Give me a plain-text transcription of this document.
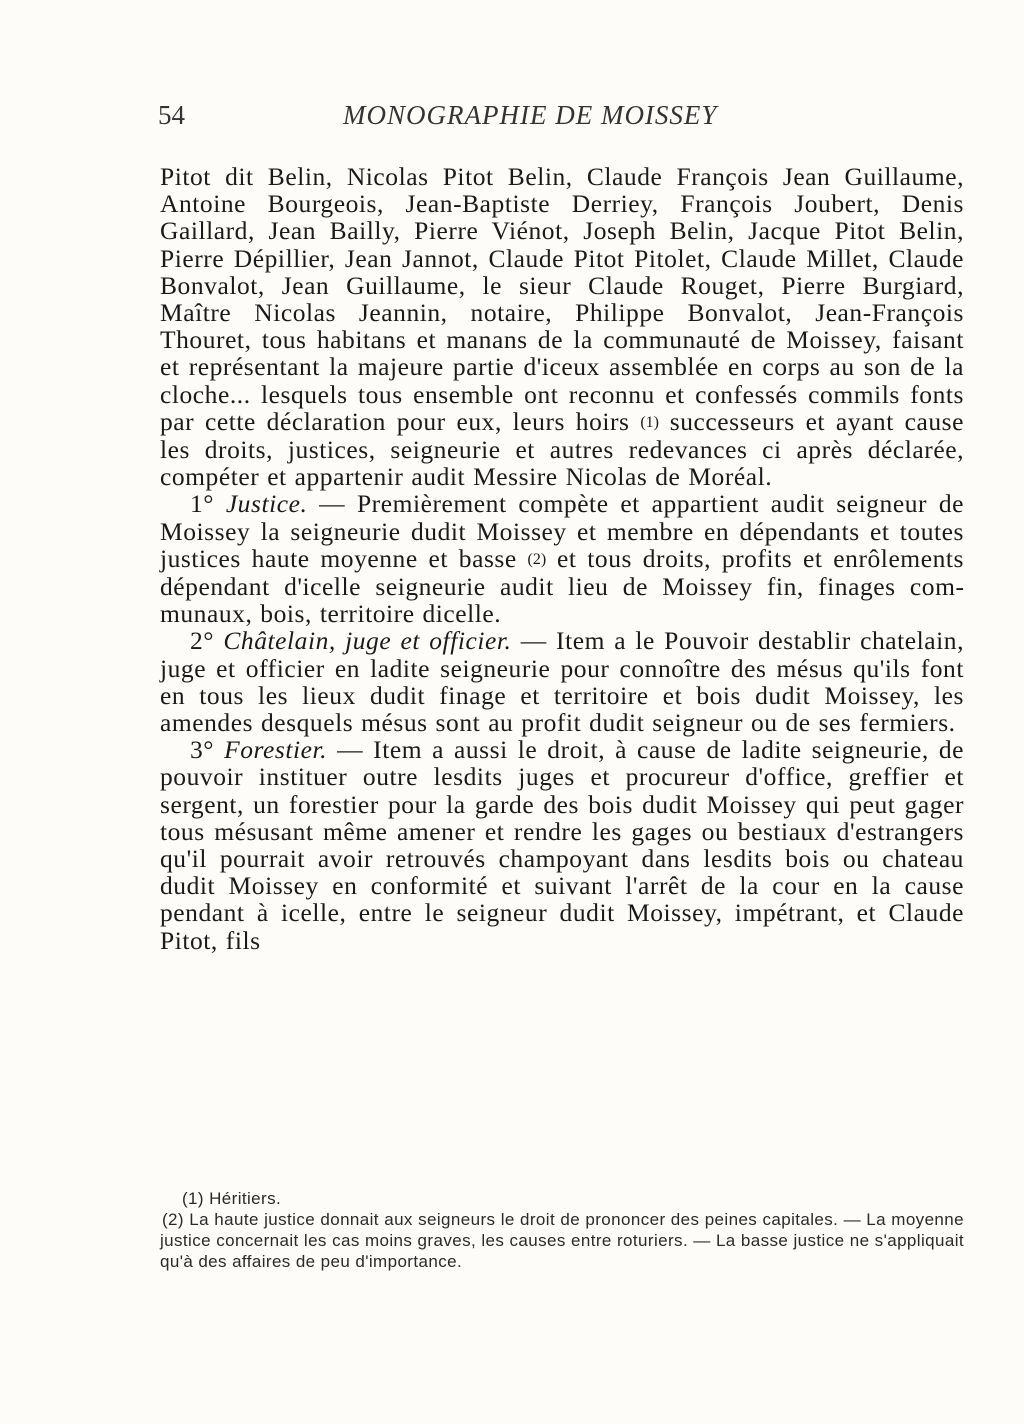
54	MONOGRAPHIE DE MOISSEY

Pitot dit Belin, Nicolas Pitot Belin, Claude François Jean Guillaume, Antoine Bourgeois, Jean-Baptiste Derriey, François Joubert, Denis Gaillard, Jean Bailly, Pierre Viénot, Joseph Belin, Jacque Pitot Belin, Pierre Dépillier, Jean Jannot, Claude Pitot Pitolet, Claude Millet, Claude Bonvalot, Jean Guillaume, le sieur Claude Rouget, Pierre Burgiard, Maître Nicolas Jeannin, notaire, Philippe Bonvalot, Jean-François Thouret, tous habitans et manans de la communauté de Moissey, faisant et représentant la majeure partie d'iceux assemblée en corps au son de la cloche... lesquels tous ensemble ont reconnu et confessés commils fonts par cette déclaration pour eux, leurs hoirs (1) successeurs et ayant cause les droits, justices, seigneurie et autres redevances ci après déclarée, compéter et appartenir audit Messire Nicolas de Moréal.

1° Justice. — Premièrement compète et appartient audit seigneur de Moissey la seigneurie dudit Moissey et membre en dépendants et toutes justices haute moyenne et basse (2) et tous droits, profits et enrôlements dépendant d'icelle seigneurie audit lieu de Moissey fin, finages communaux, bois, territoire dicelle.

2° Châtelain, juge et officier. — Item a le Pouvoir destablir chatelain, juge et officier en ladite seigneurie pour connoître des mésus qu'ils font en tous les lieux dudit finage et territoire et bois dudit Moissey, les amendes desquels mésus sont au profit dudit seigneur ou de ses fermiers.

3° Forestier. — Item a aussi le droit, à cause de ladite seigneurie, de pouvoir instituer outre lesdits juges et procureur d'office, greffier et sergent, un forestier pour la garde des bois dudit Moissey qui peut gager tous mésusant même amener et rendre les gages ou bestiaux d'estrangers qu'il pourrait avoir retrouvés champoyant dans lesdits bois ou chateau dudit Moissey en conformité et suivant l'arrêt de la cour en la cause pendant à icelle, entre le seigneur dudit Moissey, impétrant, et Claude Pitot, fils

(1) Héritiers.

(2) La haute justice donnait aux seigneurs le droit de prononcer des peines capitales. — La moyenne justice concernait les cas moins graves, les causes entre roturiers. — La basse justice ne s'appliquait qu'à des affaires de peu d'importance.
